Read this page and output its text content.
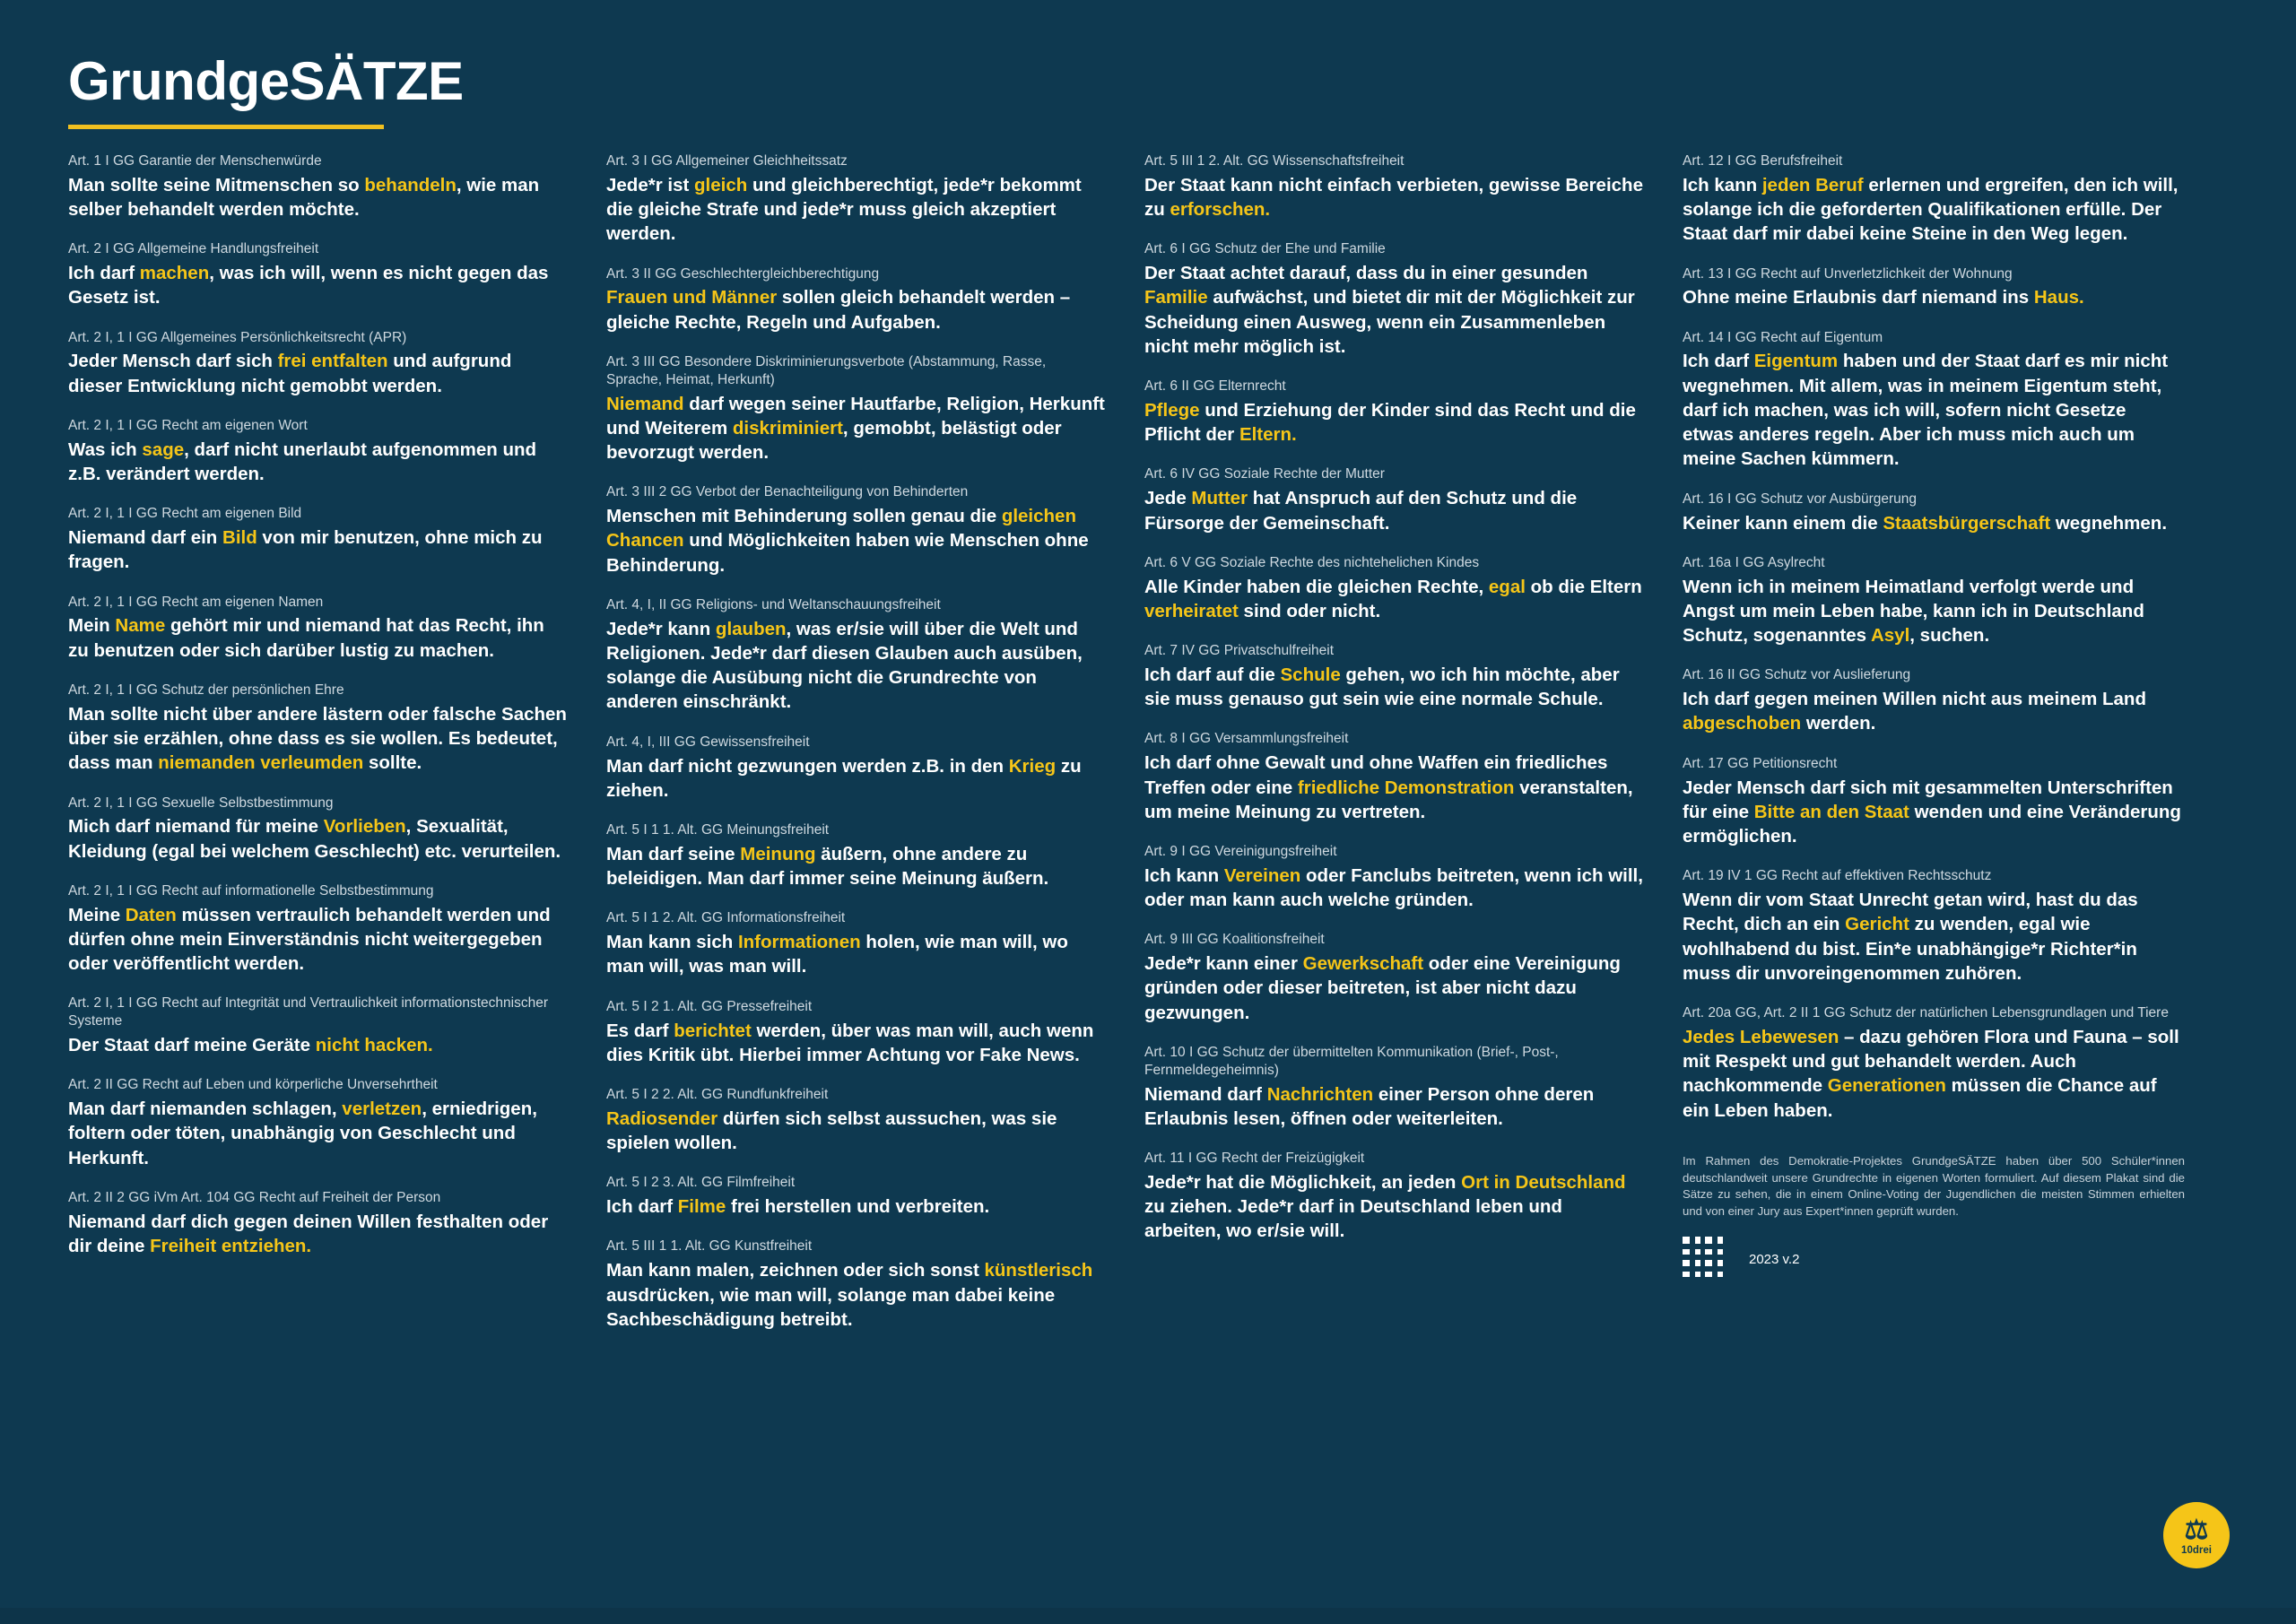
GrundgeSÄTZE
Art. 1 I GG Garantie der Menschenwürde
Man sollte seine Mitmenschen so behandeln, wie man selber behandelt werden möchte.
Art. 2 I GG Allgemeine Handlungsfreiheit
Ich darf machen, was ich will, wenn es nicht gegen das Gesetz ist.
Art. 2 I, 1 I GG Allgemeines Persönlichkeitsrecht (APR)
Jeder Mensch darf sich frei entfalten und aufgrund dieser Entwicklung nicht gemobbt werden.
Art. 2 I, 1 I GG Recht am eigenen Wort
Was ich sage, darf nicht unerlaubt aufgenommen und z.B. verändert werden.
Art. 2 I, 1 I GG Recht am eigenen Bild
Niemand darf ein Bild von mir benutzen, ohne mich zu fragen.
Art. 2 I, 1 I GG Recht am eigenen Namen
Mein Name gehört mir und niemand hat das Recht, ihn zu benutzen oder sich darüber lustig zu machen.
Art. 2 I, 1 I GG Schutz der persönlichen Ehre
Man sollte nicht über andere lästern oder falsche Sachen über sie erzählen, ohne dass es sie wollen. Es bedeutet, dass man niemanden verleumden sollte.
Art. 2 I, 1 I GG Sexuelle Selbstbestimmung
Mich darf niemand für meine Vorlieben, Sexualität, Kleidung (egal bei welchem Geschlecht) etc. verurteilen.
Art. 2 I, 1 I GG Recht auf informationelle Selbstbestimmung
Meine Daten müssen vertraulich behandelt werden und dürfen ohne mein Einverständnis nicht weitergegeben oder veröffentlicht werden.
Art. 2 I, 1 I GG Recht auf Integrität und Vertraulichkeit informationstechnischer Systeme
Der Staat darf meine Geräte nicht hacken.
Art. 2 II GG Recht auf Leben und körperliche Unversehrtheit
Man darf niemanden schlagen, verletzen, erniedrigen, foltern oder töten, unabhängig von Geschlecht und Herkunft.
Art. 2 II 2 GG iVm Art. 104 GG Recht auf Freiheit der Person
Niemand darf dich gegen deinen Willen festhalten oder dir deine Freiheit entziehen.
Art. 3 I GG Allgemeiner Gleichheitssatz
Jede*r ist gleich und gleichberechtigt, jede*r bekommt die gleiche Strafe und jede*r muss gleich akzeptiert werden.
Art. 3 II GG Geschlechtergleichberechtigung
Frauen und Männer sollen gleich behandelt werden – gleiche Rechte, Regeln und Aufgaben.
Art. 3 III GG Besondere Diskriminierungsverbote (Abstammung, Rasse, Sprache, Heimat, Herkunft)
Niemand darf wegen seiner Hautfarbe, Religion, Herkunft und Weiterem diskriminiert, gemobbt, belästigt oder bevorzugt werden.
Art. 3 III 2 GG Verbot der Benachteiligung von Behinderten
Menschen mit Behinderung sollen genau die gleichen Chancen und Möglichkeiten haben wie Menschen ohne Behinderung.
Art. 4, I, II GG Religions- und Weltanschauungsfreiheit
Jede*r kann glauben, was er/sie will über die Welt und Religionen. Jede*r darf diesen Glauben auch ausüben, solange die Ausübung nicht die Grundrechte von anderen einschränkt.
Art. 4, I, III GG Gewissensfreiheit
Man darf nicht gezwungen werden z.B. in den Krieg zu ziehen.
Art. 5 I 1 1. Alt. GG Meinungsfreiheit
Man darf seine Meinung äußern, ohne andere zu beleidigen. Man darf immer seine Meinung äußern.
Art. 5 I 1 2. Alt. GG Informationsfreiheit
Man kann sich Informationen holen, wie man will, wo man will, was man will.
Art. 5 I 2 1. Alt. GG Pressefreiheit
Es darf berichtet werden, über was man will, auch wenn dies Kritik übt. Hierbei immer Achtung vor Fake News.
Art. 5 I 2 2. Alt. GG Rundfunkfreiheit
Radiosender dürfen sich selbst aussuchen, was sie spielen wollen.
Art. 5 I 2 3. Alt. GG Filmfreiheit
Ich darf Filme frei herstellen und verbreiten.
Art. 5 III 1 1. Alt. GG Kunstfreiheit
Man kann malen, zeichnen oder sich sonst künstlerisch ausdrücken, wie man will, solange man dabei keine Sachbeschädigung betreibt.
Art. 5 III 1 2. Alt. GG Wissenschaftsfreiheit
Der Staat kann nicht einfach verbieten, gewisse Bereiche zu erforschen.
Art. 6 I GG Schutz der Ehe und Familie
Der Staat achtet darauf, dass du in einer gesunden Familie aufwächst, und bietet dir mit der Möglichkeit zur Scheidung einen Ausweg, wenn ein Zusammenleben nicht mehr möglich ist.
Art. 6 II GG Elternrecht
Pflege und Erziehung der Kinder sind das Recht und die Pflicht der Eltern.
Art. 6 IV GG Soziale Rechte der Mutter
Jede Mutter hat Anspruch auf den Schutz und die Fürsorge der Gemeinschaft.
Art. 6 V GG Soziale Rechte des nichtehelichen Kindes
Alle Kinder haben die gleichen Rechte, egal ob die Eltern verheiratet sind oder nicht.
Art. 7 IV GG Privatschulfreiheit
Ich darf auf die Schule gehen, wo ich hin möchte, aber sie muss genauso gut sein wie eine normale Schule.
Art. 8 I GG Versammlungsfreiheit
Ich darf ohne Gewalt und ohne Waffen ein friedliches Treffen oder eine friedliche Demonstration veranstalten, um meine Meinung zu vertreten.
Art. 9 I GG Vereinigungsfreiheit
Ich kann Vereinen oder Fanclubs beitreten, wenn ich will, oder man kann auch welche gründen.
Art. 9 III GG Koalitionsfreiheit
Jede*r kann einer Gewerkschaft oder eine Vereinigung gründen oder dieser beitreten, ist aber nicht dazu gezwungen.
Art. 10 I GG Schutz der übermittelten Kommunikation (Brief-, Post-, Fernmeldegeheimnis)
Niemand darf Nachrichten einer Person ohne deren Erlaubnis lesen, öffnen oder weiterleiten.
Art. 11 I GG Recht der Freizügigkeit
Jede*r hat die Möglichkeit, an jeden Ort in Deutschland zu ziehen. Jede*r darf in Deutschland leben und arbeiten, wo er/sie will.
Art. 12 I GG Berufsfreiheit
Ich kann jeden Beruf erlernen und ergreifen, den ich will, solange ich die geforderten Qualifikationen erfülle. Der Staat darf mir dabei keine Steine in den Weg legen.
Art. 13 I GG Recht auf Unverletzlichkeit der Wohnung
Ohne meine Erlaubnis darf niemand ins Haus.
Art. 14 I GG Recht auf Eigentum
Ich darf Eigentum haben und der Staat darf es mir nicht wegnehmen. Mit allem, was in meinem Eigentum steht, darf ich machen, was ich will, sofern nicht Gesetze etwas anderes regeln. Aber ich muss mich auch um meine Sachen kümmern.
Art. 16 I GG Schutz vor Ausbürgerung
Keiner kann einem die Staatsbürgerschaft wegnehmen.
Art. 16a I GG Asylrecht
Wenn ich in meinem Heimatland verfolgt werde und Angst um mein Leben habe, kann ich in Deutschland Schutz, sogenanntes Asyl, suchen.
Art. 16 II GG Schutz vor Auslieferung
Ich darf gegen meinen Willen nicht aus meinem Land abgeschoben werden.
Art. 17 GG Petitionsrecht
Jeder Mensch darf sich mit gesammelten Unterschriften für eine Bitte an den Staat wenden und eine Veränderung ermöglichen.
Art. 19 IV 1 GG Recht auf effektiven Rechtsschutz
Wenn dir vom Staat Unrecht getan wird, hast du das Recht, dich an ein Gericht zu wenden, egal wie wohlhabend du bist. Ein*e unabhängige*r Richter*in muss dir unvoreingenommen zuhören.
Art. 20a GG, Art. 2 II 1 GG Schutz der natürlichen Lebensgrundlagen und Tiere
Jedes Lebewesen – dazu gehören Flora und Fauna – soll mit Respekt und gut behandelt werden. Auch nachkommende Generationen müssen die Chance auf ein Leben haben.
Im Rahmen des Demokratie-Projektes GrundgeSÄTZE haben über 500 Schüler*innen deutschlandweit unsere Grundrechte in eigenen Worten formuliert. Auf diesem Plakat sind die Sätze zu sehen, die in einem Online-Voting der Jugendlichen die meisten Stimmen erhielten und von einer Jury aus Expert*innen geprüft wurden.
2023 v.2
⚖
10drei
